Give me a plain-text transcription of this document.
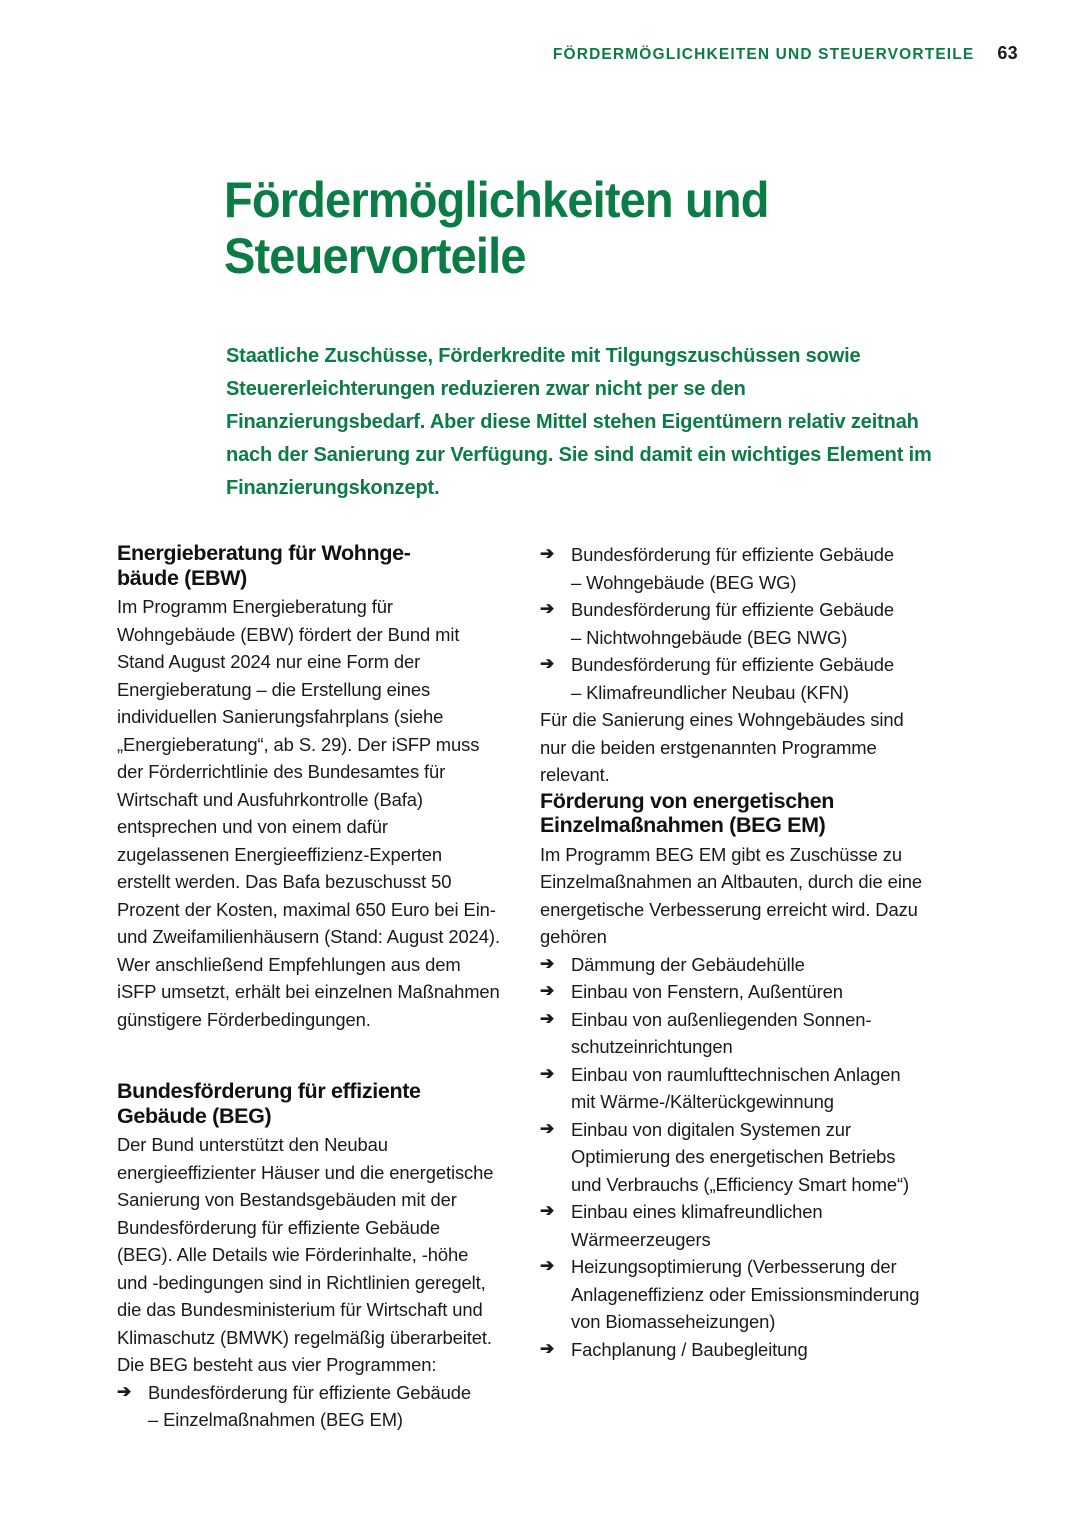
FÖRDERMÖGLICHKEITEN UND STEUERVORTEILE 63
Fördermöglichkeiten und
Steuervorteile

Staatliche Zuschüsse, Förderkredite mit Tilgungszuschüssen sowie Steuererleichterungen reduzieren zwar nicht per se den Finanzierungsbedarf. Aber diese Mittel stehen Eigentümern relativ zeitnah nach der Sanierung zur Verfügung. Sie sind damit ein wichtiges Element im Finanzierungskonzept.

Energieberatung für Wohnge-
bäude (EBW)

Im Programm Energieberatung für Wohngebäude (EBW) fördert der Bund mit Stand August 2024 nur eine Form der Energieberatung – die Erstellung eines individuellen Sanierungsfahrplans (siehe „Energieberatung“, ab S. 29). Der iSFP muss der Förderrichtlinie des Bundesamtes für Wirtschaft und Ausfuhrkontrolle (Bafa) entsprechen und von einem dafür zugelassenen Energieeffizienz-Experten erstellt werden. Das Bafa bezuschusst 50 Prozent der Kosten, maximal 650 Euro bei Ein- und Zweifamilienhäusern (Stand: August 2024). Wer anschließend Empfehlungen aus dem iSFP umsetzt, erhält bei einzelnen Maßnahmen günstigere Förderbedingungen.

Bundesförderung für effiziente
Gebäude (BEG)

Der Bund unterstützt den Neubau energieeffizienter Häuser und die energetische Sanierung von Bestandsgebäuden mit der Bundesförderung für effiziente Gebäude (BEG). Alle Details wie Förderinhalte, -höhe und -bedingungen sind in Richtlinien geregelt, die das Bundesministerium für Wirtschaft und Klimaschutz (BMWK) regelmäßig überarbeitet. Die BEG besteht aus vier Programmen:

➔ Bundesförderung für effiziente Gebäude
– Einzelmaßnahmen (BEG EM)
➔ Bundesförderung für effiziente Gebäude
– Wohngebäude (BEG WG)
➔ Bundesförderung für effiziente Gebäude
– Nichtwohngebäude (BEG NWG)
➔ Bundesförderung für effiziente Gebäude
– Klimafreundlicher Neubau (KFN)

Für die Sanierung eines Wohngebäudes sind nur die beiden erstgenannten Programme relevant.

Förderung von energetischen
Einzelmaßnahmen (BEG EM)

Im Programm BEG EM gibt es Zuschüsse zu Einzelmaßnahmen an Altbauten, durch die eine energetische Verbesserung erreicht wird. Dazu gehören

➔ Dämmung der Gebäudehülle
➔ Einbau von Fenstern, Außentüren
➔ Einbau von außenliegenden Sonnen-
schutzeinrichtungen
➔ Einbau von raumlufttechnischen Anlagen
mit Wärme-/Kälterückgewinnung
➔ Einbau von digitalen Systemen zur Optimierung des energetischen Betriebs und Verbrauchs („Efficiency Smart home“)
➔ Einbau eines klimafreundlichen Wärmeerzeugers
➔ Heizungsoptimierung (Verbesserung der Anlageneffizienz oder Emissionsminderung von Biomasseheizungen)
➔ Fachplanung / Baubegleitung
